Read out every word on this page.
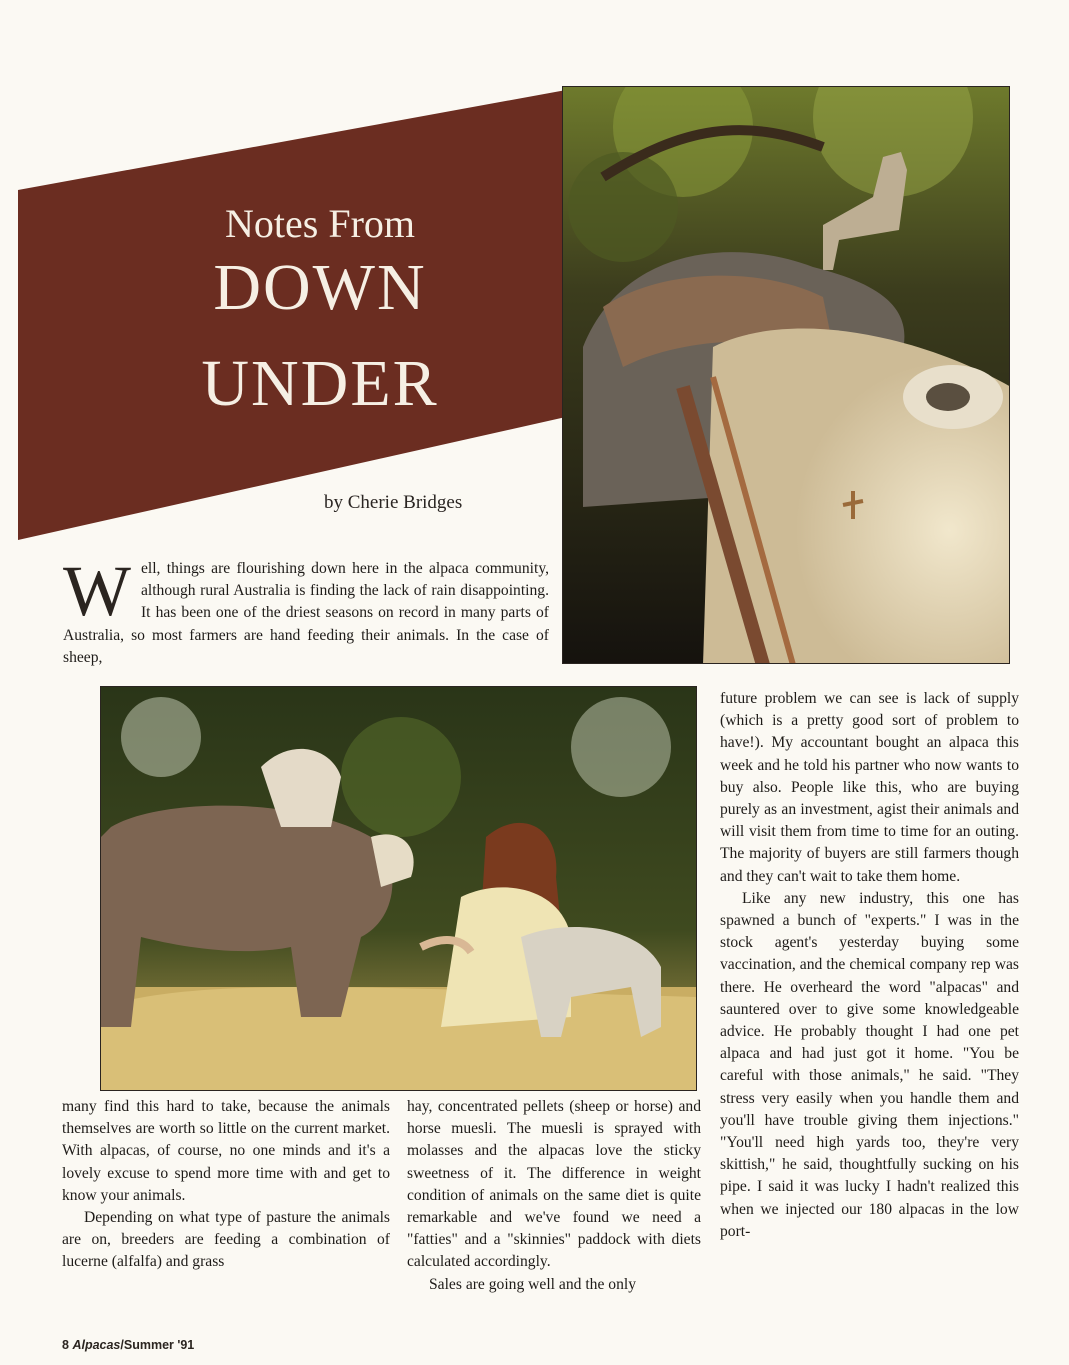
Notes From
DOWN
UNDER
by Cherie Bridges
Well, things are flourishing down here in the alpaca community, although rural Australia is finding the lack of rain disappointing. It has been one of the driest seasons on record in many parts of Australia, so most farmers are hand feeding their animals. In the case of sheep,

many find this hard to take, because the animals themselves are worth so little on the current market. With alpacas, of course, no one minds and it's a lovely excuse to spend more time with and get to know your animals.

Depending on what type of pasture the animals are on, breeders are feeding a combination of lucerne (alfalfa) and grass

hay, concentrated pellets (sheep or horse) and horse muesli. The muesli is sprayed with molasses and the alpacas love the sticky sweetness of it. The difference in weight condition of animals on the same diet is quite remarkable and we've found we need a "fatties" and a "skinnies" paddock with diets calculated accordingly.

Sales are going well and the only

future problem we can see is lack of supply (which is a pretty good sort of problem to have!). My accountant bought an alpaca this week and he told his partner who now wants to buy also. People like this, who are buying purely as an investment, agist their animals and will visit them from time to time for an outing. The majority of buyers are still farmers though and they can't wait to take them home.

Like any new industry, this one has spawned a bunch of "experts." I was in the stock agent's yesterday buying some vaccination, and the chemical company rep was there. He overheard the word "alpacas" and sauntered over to give some knowledgeable advice. He probably thought I had one pet alpaca and had just got it home. "You be careful with those animals," he said. "They stress very easily when you handle them and you'll have trouble giving them injections." "You'll need high yards too, they're very skittish," he said, thoughtfully sucking on his pipe. I said it was lucky I hadn't realized this when we injected our 180 alpacas in the low port-

8 Alpacas/Summer '91
